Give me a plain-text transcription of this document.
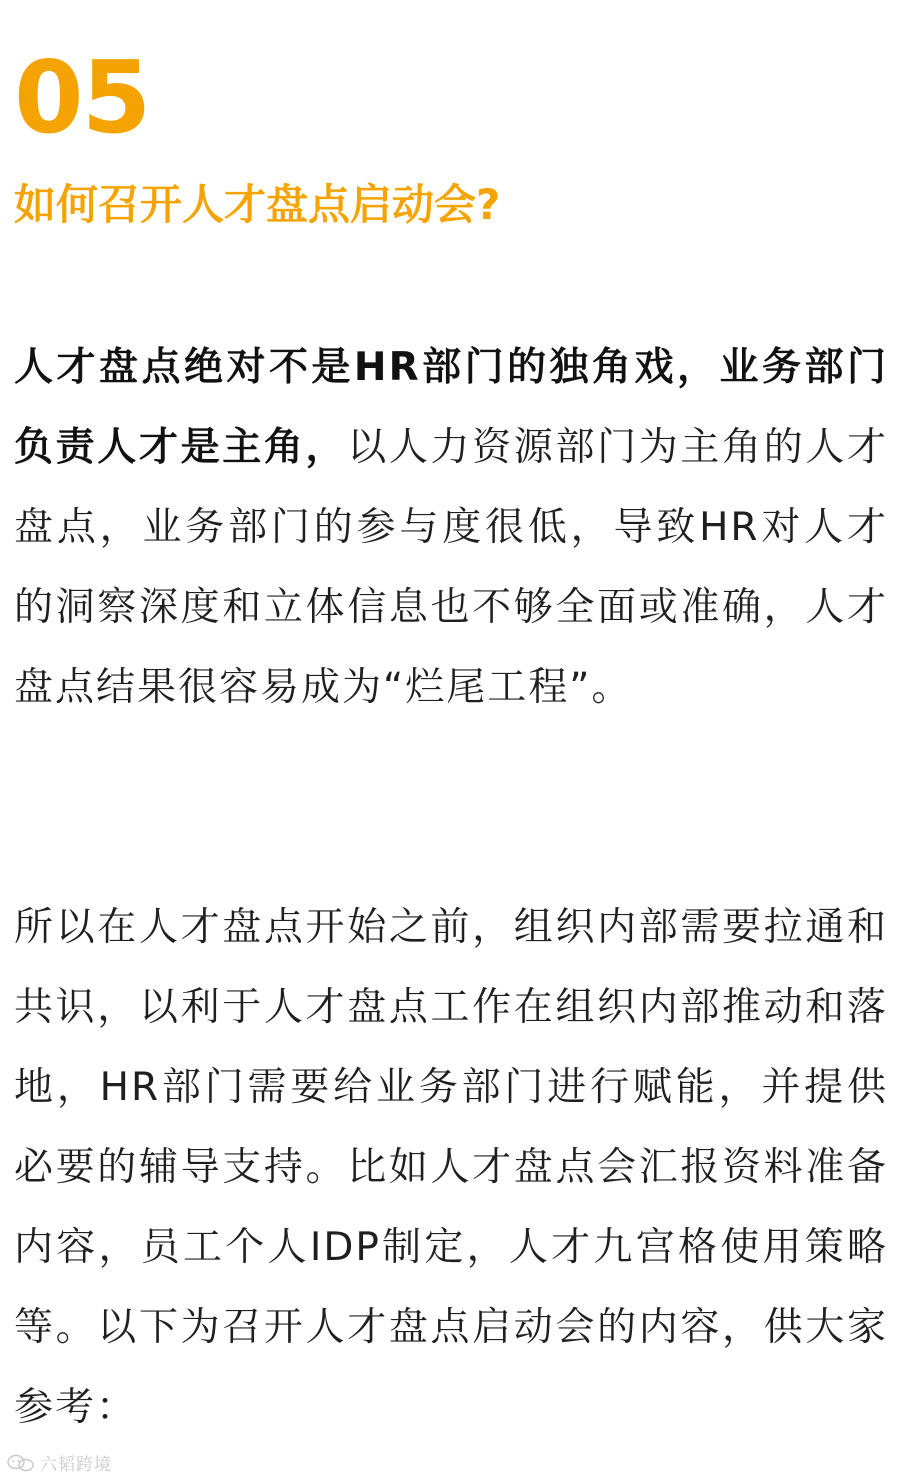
05
如何召开人才盘点启动会?

人才盘点绝对不是HR部门的独角戏，业务部门负责人才是主角，以人力资源部门为主角的人才盘点，业务部门的参与度很低，导致HR对人才的洞察深度和立体信息也不够全面或准确，人才盘点结果很容易成为“烂尾工程”。

所以在人才盘点开始之前，组织内部需要拉通和共识，以利于人才盘点工作在组织内部推动和落地，HR部门需要给业务部门进行赋能，并提供必要的辅导支持。比如人才盘点会汇报资料准备内容，员工个人IDP制定，人才九宫格使用策略等。以下为召开人才盘点启动会的内容，供大家参考：

六韬跨境
